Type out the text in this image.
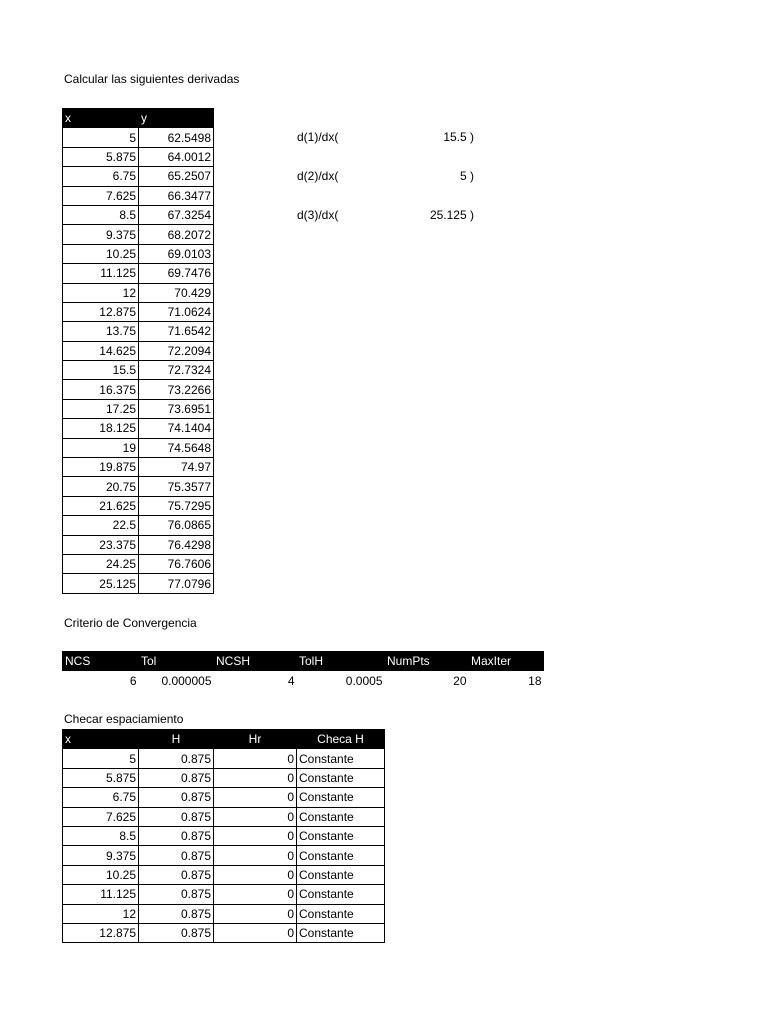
Calcular las siguientes derivadas
x	y
5	62.5498
5.875	64.0012
6.75	65.2507
7.625	66.3477
8.5	67.3254
9.375	68.2072
10.25	69.0103
11.125	69.7476
12	70.429
12.875	71.0624
13.75	71.6542
14.625	72.2094
15.5	72.7324
16.375	73.2266
17.25	73.6951
18.125	74.1404
19	74.5648
19.875	74.97
20.75	75.3577
21.625	75.7295
22.5	76.0865
23.375	76.4298
24.25	76.7606
25.125	77.0796
d(1)/dx(	15.5 )
d(2)/dx(	5 )
d(3)/dx(	25.125 )
Criterio de Convergencia
NCS	Tol	NCSH	TolH	NumPts	MaxIter
6	0.000005	4	0.0005	20	18
Checar espaciamiento
x	H	Hr	Checa H
5	0.875	0	Constante
5.875	0.875	0	Constante
6.75	0.875	0	Constante
7.625	0.875	0	Constante
8.5	0.875	0	Constante
9.375	0.875	0	Constante
10.25	0.875	0	Constante
11.125	0.875	0	Constante
12	0.875	0	Constante
12.875	0.875	0	Constante
